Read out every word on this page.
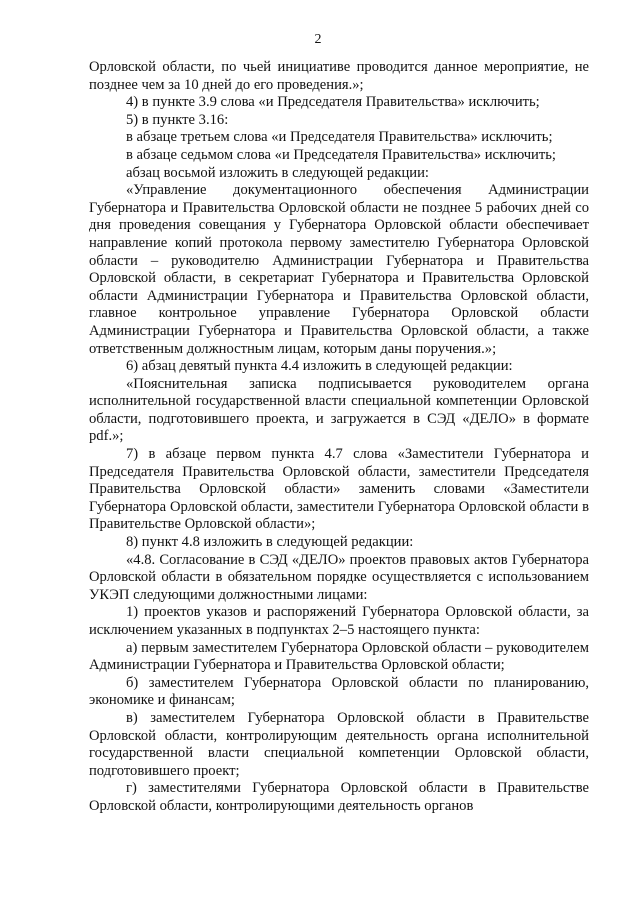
2

Орловской области, по чьей инициативе проводится данное мероприятие, не позднее чем за 10 дней до его проведения.»;

4) в пункте 3.9 слова «и Председателя Правительства» исключить;

5) в пункте 3.16:

в абзаце третьем слова «и Председателя Правительства» исключить;

в абзаце седьмом слова «и Председателя Правительства» исключить;

абзац восьмой изложить в следующей редакции:

«Управление документационного обеспечения Администрации Губернатора и Правительства Орловской области не позднее 5 рабочих дней со дня проведения совещания у Губернатора Орловской области обеспечивает направление копий протокола первому заместителю Губернатора Орловской области – руководителю Администрации Губернатора и Правительства Орловской области, в секретариат Губернатора и Правительства Орловской области Администрации Губернатора и Правительства Орловской области, главное контрольное управление Губернатора Орловской области Администрации Губернатора и Правительства Орловской области, а также ответственным должностным лицам, которым даны поручения.»;

6) абзац девятый пункта 4.4 изложить в следующей редакции:

«Пояснительная записка подписывается руководителем органа исполнительной государственной власти специальной компетенции Орловской области, подготовившего проекта, и загружается в СЭД «ДЕЛО» в формате pdf.»;

7) в абзаце первом пункта 4.7 слова «Заместители Губернатора и Председателя Правительства Орловской области, заместители Председателя Правительства Орловской области» заменить словами «Заместители Губернатора Орловской области, заместители Губернатора Орловской области в Правительстве Орловской области»;

8) пункт 4.8 изложить в следующей редакции:

«4.8. Согласование в СЭД «ДЕЛО» проектов правовых актов Губернатора Орловской области в обязательном порядке осуществляется с использованием УКЭП следующими должностными лицами:

1) проектов указов и распоряжений Губернатора Орловской области, за исключением указанных в подпунктах 2–5 настоящего пункта:

а) первым заместителем Губернатора Орловской области – руководителем Администрации Губернатора и Правительства Орловской области;

б) заместителем Губернатора Орловской области по планированию, экономике и финансам;

в) заместителем Губернатора Орловской области в Правительстве Орловской области, контролирующим деятельность органа исполнительной государственной власти специальной компетенции Орловской области, подготовившего проект;

г) заместителями Губернатора Орловской области в Правительстве Орловской области, контролирующими деятельность органов
